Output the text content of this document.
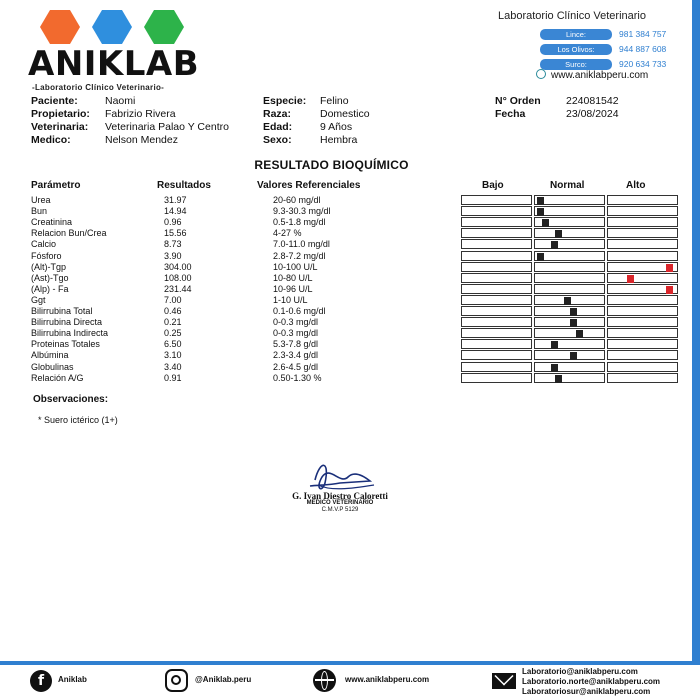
ANIKLAB
-Laboratorio Clínico Veterinario-
Laboratorio Clínico Veterinario
Lince:	981 384 757
Los Olivos:	944 887 608
Surco:	920 634 733
www.aniklabperu.com
Paciente:	Naomi
Propietario: Fabrizio Rivera
Veterinaria: Veterinaria Palao Y Centro
Medico:	Nelson Mendez
Especie: Felino
Raza:	Domestico
Edad:	9 Años
Sexo:	Hembra
N° Orden 224081542
Fecha	23/08/2024
RESULTADO BIOQUÍMICO
Parámetro	Resultados	Valores Referenciales	Bajo	Normal	Alto
Urea	31.97	20-60 mg/dl
Bun	14.94	9.3-30.3 mg/dl
Creatinina	0.96	0.5-1.8 mg/dl
Relacion Bun/Crea	15.56	4-27 %
Calcio	8.73	7.0-11.0 mg/dl
Fósforo	3.90	2.8-7.2 mg/dl
(Alt)-Tgp	304.00	10-100 U/L
(Ast)-Tgo	108.00	10-80 U/L
(Alp) - Fa	231.44	10-96 U/L
Ggt	7.00	1-10 U/L
Bilirrubina Total	0.46	0.1-0.6 mg/dl
Bilirrubina Directa	0.21	0-0.3 mg/dl
Bilirrubina Indirecta	0.25	0-0.3 mg/dl
Proteinas Totales	6.50	5.3-7.8 g/dl
Albúmina	3.10	2.3-3.4 g/dl
Globulinas	3.40	2.6-4.5 g/dl
Relación A/G	0.91	0.50-1.30 %
Observaciones:
* Suero ictérico (1+)
G. Ivan Diestro Caloretti
MEDICO VETERINARIO
C.M.V.P 5129
f	Aniklab	@Aniklab.peru	www.aniklabperu.com
Laboratorio@aniklabperu.com
Laboratorio.norte@aniklabperu.com
Laboratoriosur@aniklabperu.com
